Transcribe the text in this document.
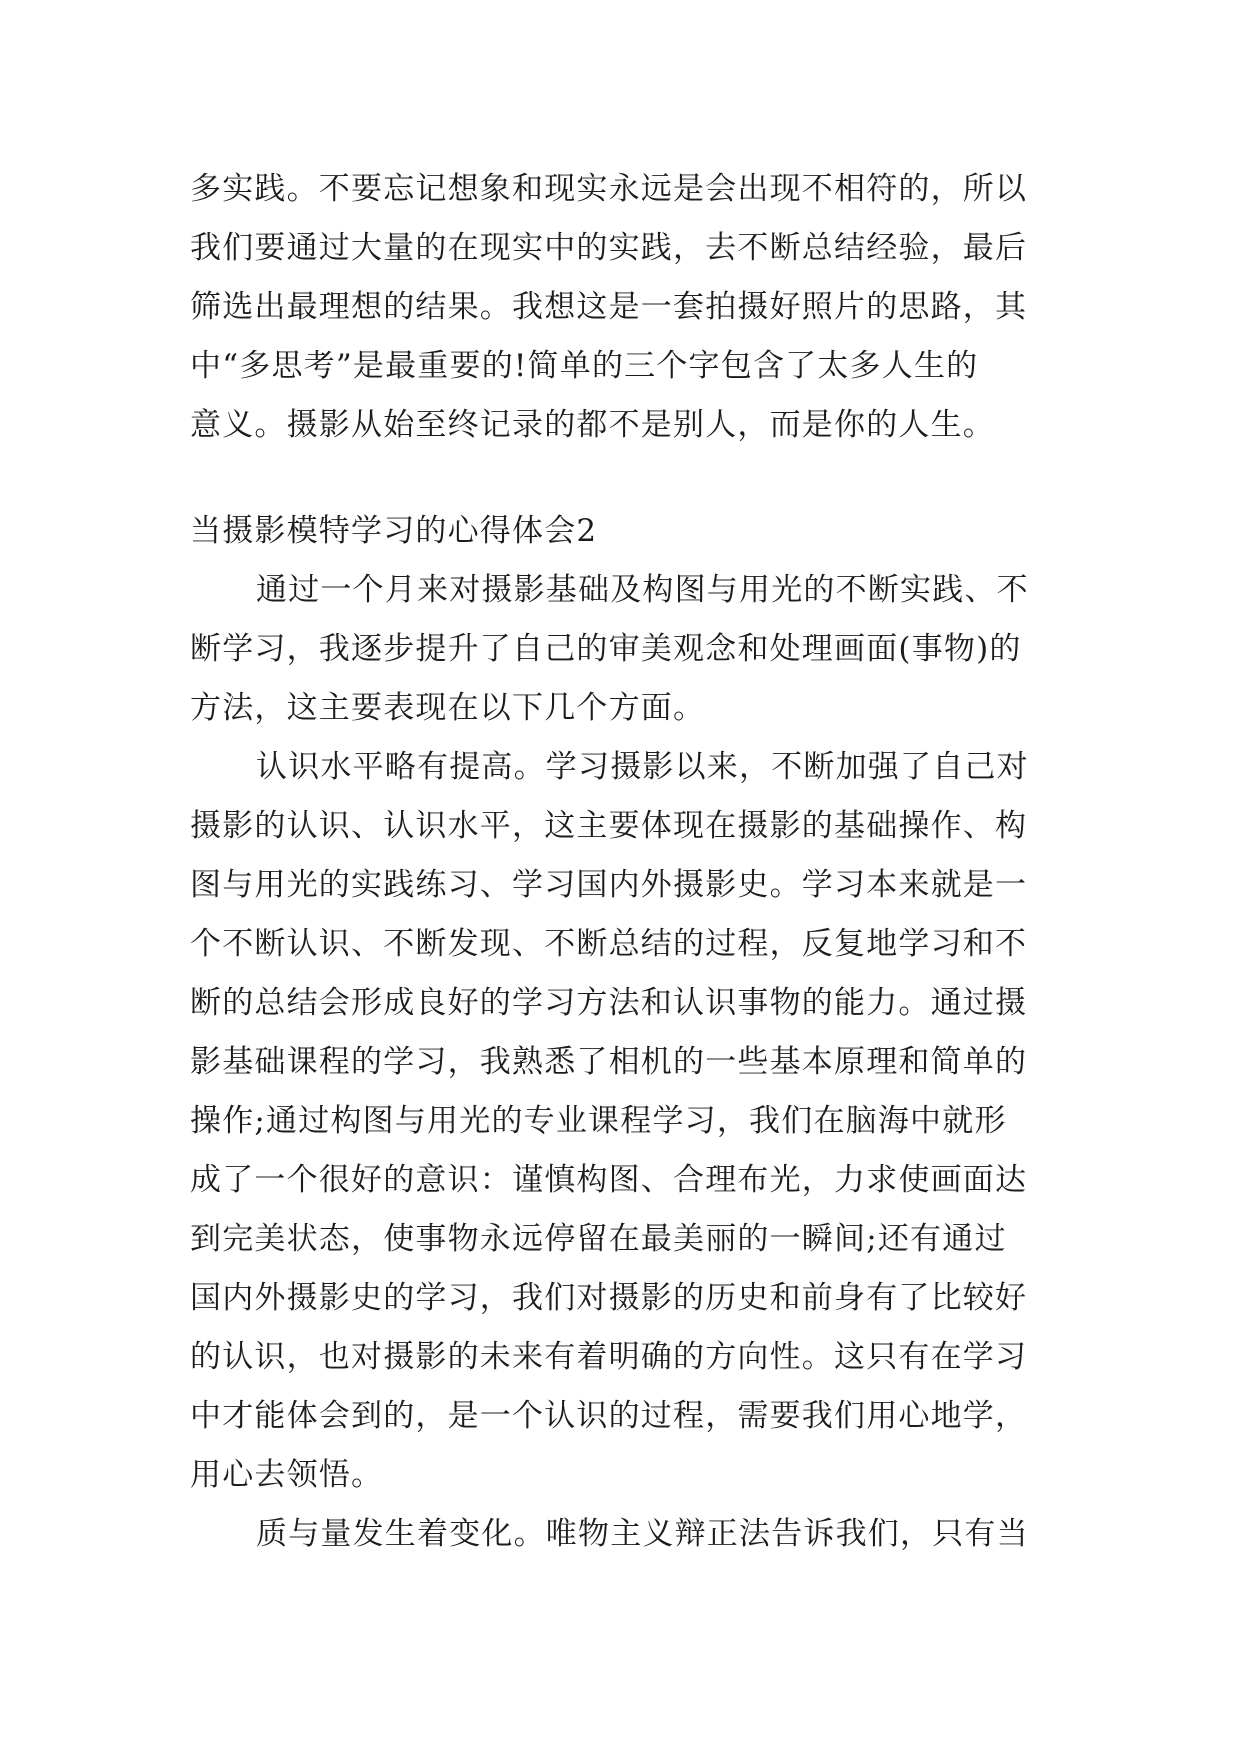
多实践。不要忘记想象和现实永远是会出现不相符的，所以
我们要通过大量的在现实中的实践，去不断总结经验，最后
筛选出最理想的结果。我想这是一套拍摄好照片的思路，其
中“多思考”是最重要的!简单的三个字包含了太多人生的
意义。摄影从始至终记录的都不是别人，而是你的人生。
当摄影模特学习的心得体会2
通过一个月来对摄影基础及构图与用光的不断实践、不
断学习，我逐步提升了自己的审美观念和处理画面(事物)的
方法，这主要表现在以下几个方面。
认识水平略有提高。学习摄影以来，不断加强了自己对
摄影的认识、认识水平，这主要体现在摄影的基础操作、构
图与用光的实践练习、学习国内外摄影史。学习本来就是一
个不断认识、不断发现、不断总结的过程，反复地学习和不
断的总结会形成良好的学习方法和认识事物的能力。通过摄
影基础课程的学习，我熟悉了相机的一些基本原理和简单的
操作;通过构图与用光的专业课程学习，我们在脑海中就形
成了一个很好的意识：谨慎构图、合理布光，力求使画面达
到完美状态，使事物永远停留在最美丽的一瞬间;还有通过
国内外摄影史的学习，我们对摄影的历史和前身有了比较好
的认识，也对摄影的未来有着明确的方向性。这只有在学习
中才能体会到的，是一个认识的过程，需要我们用心地学，
用心去领悟。
质与量发生着变化。唯物主义辩正法告诉我们，只有当
